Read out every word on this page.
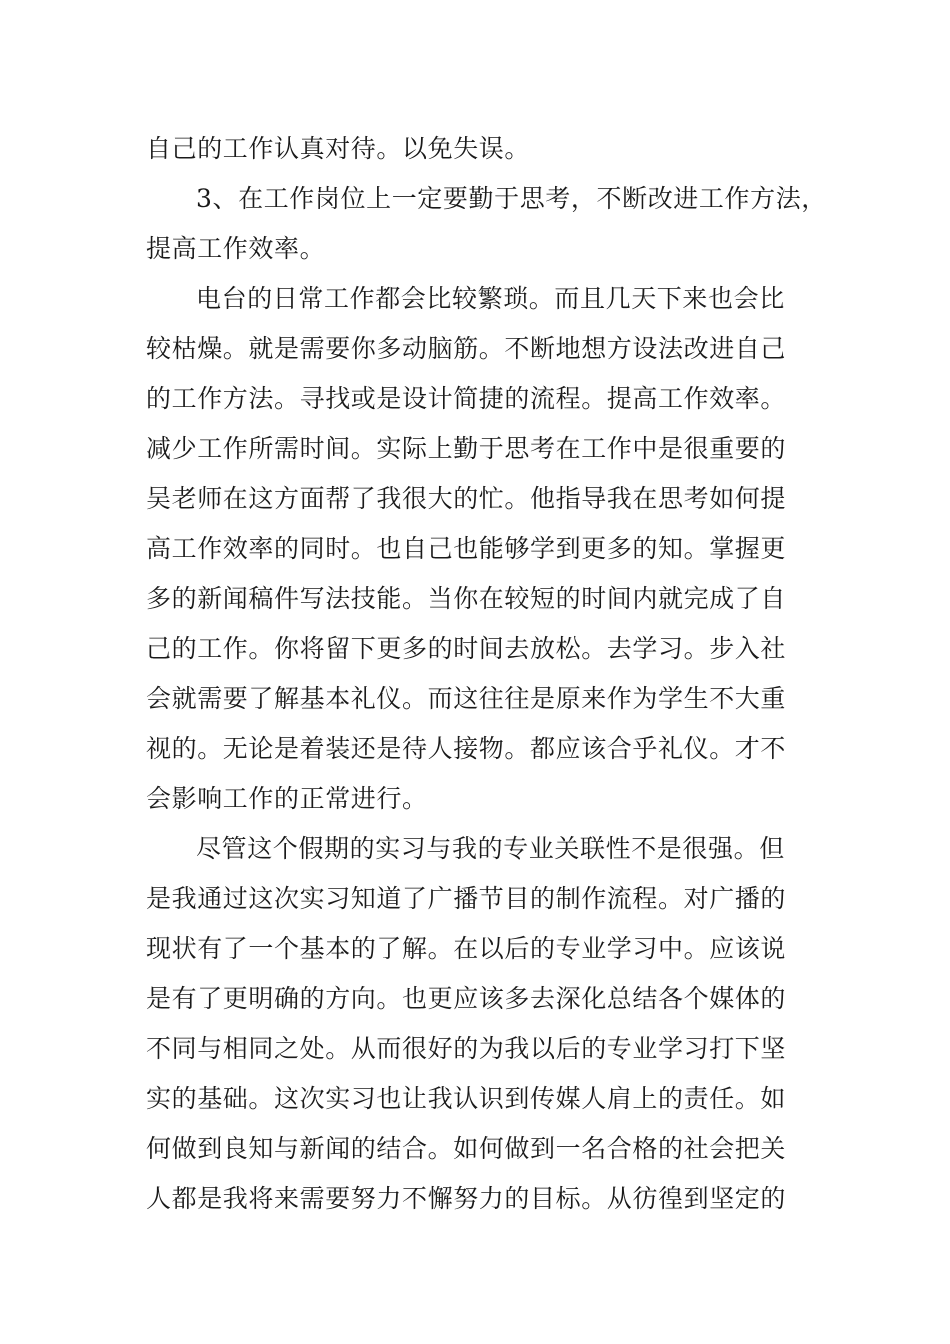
自己的工作认真对待。以免失误。

3、在工作岗位上一定要勤于思考，不断改进工作方法，

提高工作效率。

电台的日常工作都会比较繁琐。而且几天下来也会比

较枯燥。就是需要你多动脑筋。不断地想方设法改进自己

的工作方法。寻找或是设计简捷的流程。提高工作效率。

减少工作所需时间。实际上勤于思考在工作中是很重要的

吴老师在这方面帮了我很大的忙。他指导我在思考如何提

高工作效率的同时。也自己也能够学到更多的知。掌握更

多的新闻稿件写法技能。当你在较短的时间内就完成了自

己的工作。你将留下更多的时间去放松。去学习。步入社

会就需要了解基本礼仪。而这往往是原来作为学生不大重

视的。无论是着装还是待人接物。都应该合乎礼仪。才不

会影响工作的正常进行。

尽管这个假期的实习与我的专业关联性不是很强。但

是我通过这次实习知道了广播节目的制作流程。对广播的

现状有了一个基本的了解。在以后的专业学习中。应该说

是有了更明确的方向。也更应该多去深化总结各个媒体的

不同与相同之处。从而很好的为我以后的专业学习打下坚

实的基础。这次实习也让我认识到传媒人肩上的责任。如

何做到良知与新闻的结合。如何做到一名合格的社会把关

人都是我将来需要努力不懈努力的目标。从彷徨到坚定的
